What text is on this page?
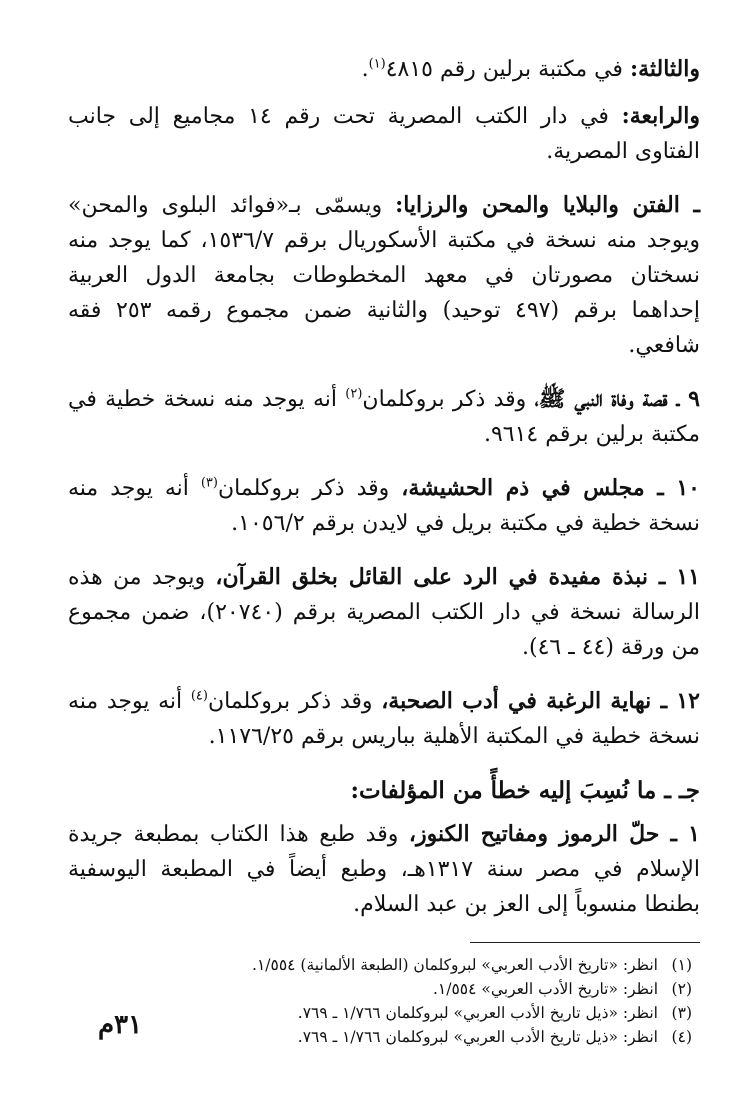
والثالثة: في مكتبة برلين رقم ٤٨١٥$^{(١)}$.

والرابعة: في دار الكتب المصرية تحت رقم ١٤ مجاميع إلى جانب الفتاوى المصرية.

ـ الفتن والبلايا والمحن والرزايا: ويسمّى بـ«فوائد البلوى والمحن» ويوجد منه نسخة في مكتبة الأسكوريال برقم ١٥٣٦/٧، كما يوجد منه نسختان مصورتان في معهد المخطوطات بجامعة الدول العربية إحداهما برقم (٤٩٧ توحيد) والثانية ضمن مجموع رقمه ٢٥٣ فقه شافعي.

٩ ـ قصة وفاة النبي ﷺ، وقد ذكر بروكلمان$^{(٢)}$ أنه يوجد منه نسخة خطية في مكتبة برلين برقم ٩٦١٤.

١٠ ـ مجلس في ذم الحشيشة، وقد ذكر بروكلمان$^{(٣)}$ أنه يوجد منه نسخة خطية في مكتبة بريل في لايدن برقم ١٠٥٦/٢.

١١ ـ نبذة مفيدة في الرد على القائل بخلق القرآن، ويوجد من هذه الرسالة نسخة في دار الكتب المصرية برقم (٢٠٧٤٠)، ضمن مجموع من ورقة (٤٤ ـ ٤٦).

١٢ ـ نهاية الرغبة في أدب الصحبة، وقد ذكر بروكلمان$^{(٤)}$ أنه يوجد منه نسخة خطية في المكتبة الأهلية بباريس برقم ١١٧٦/٢٥.

جـ ـ ما نُسِبَ إليه خطأً من المؤلفات:

١ ـ حلّ الرموز ومفاتيح الكنوز، وقد طبع هذا الكتاب بمطبعة جريدة الإسلام في مصر سنة ١٣١٧هـ، وطبع أيضاً في المطبعة اليوسفية بطنطا منسوباً إلى العز بن عبد السلام.

(١)انظر: «تاريخ الأدب العربي» لبروكلمان (الطبعة الألمانية) ١/٥٥٤.

(٢)انظر: «تاريخ الأدب العربي» ١/٥٥٤.

(٣)انظر: «ذيل تاريخ الأدب العربي» لبروكلمان ١/٧٦٦ ـ ٧٦٩.

(٤)انظر: «ذيل تاريخ الأدب العربي» لبروكلمان ١/٧٦٦ ـ ٧٦٩.

٣١م
